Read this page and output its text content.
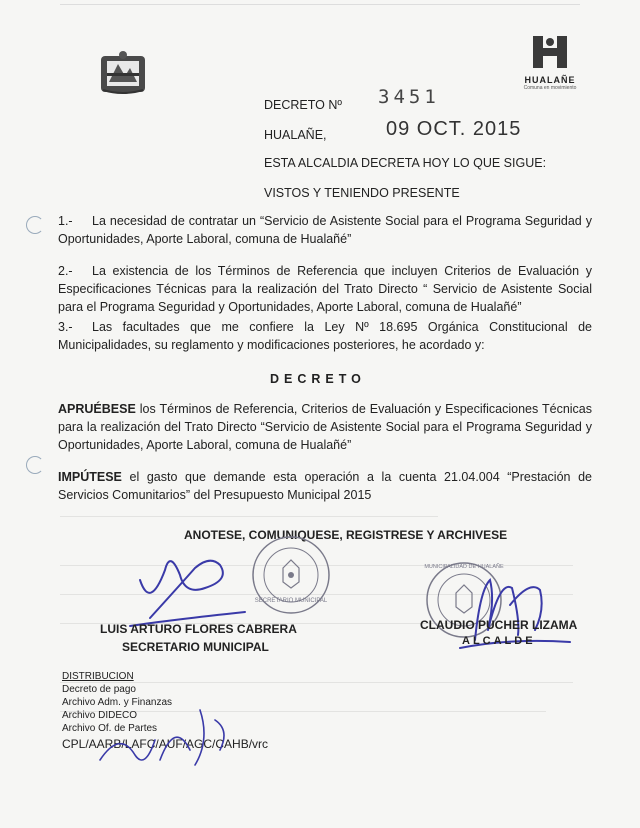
HUALAÑE
Comuna en movimiento
DECRETO Nº 3451
HUALAÑE,	09 OCT. 2015
ESTA ALCALDIA DECRETA HOY LO QUE SIGUE:
VISTOS Y TENIENDO PRESENTE
1.- La necesidad de contratar un “Servicio de Asistente Social para el Programa Seguridad y Oportunidades, Aporte Laboral, comuna de Hualañé”
2.- La existencia de los Términos de Referencia que incluyen Criterios de Evaluación y Especificaciones Técnicas para la realización del Trato Directo “ Servicio de Asistente Social para el Programa Seguridad y Oportunidades, Aporte Laboral, comuna de Hualañé”
3.- Las facultades que me confiere la Ley Nº 18.695 Orgánica Constitucional de Municipalidades, su reglamento y modificaciones posteriores, he acordado y:
DECRETO
APRUÉBESE los Términos de Referencia, Criterios de Evaluación y Especificaciones Técnicas para la realización del Trato Directo “Servicio de Asistente Social para el Programa Seguridad y Oportunidades, Aporte Laboral, comuna de Hualañé”
IMPÚTESE el gasto que demande esta operación a la cuenta 21.04.004 “Prestación de Servicios Comunitarios” del Presupuesto Municipal 2015
ANOTESE, COMUNIQUESE, REGISTRESE Y ARCHIVESE
SECRETARIO MUNICIPAL
MUNICIPALIDAD DE HUALAÑE
LUIS ARTURO FLORES CABRERA
SECRETARIO MUNICIPAL
CLAUDIO PUCHER LIZAMA
ALCALDE
DISTRIBUCION
Decreto de pago
Archivo Adm. y Finanzas
Archivo DIDECO
Archivo Of. de Partes
CPL/AARB/LAFC/AUF/AGC/CAHB/vrc
